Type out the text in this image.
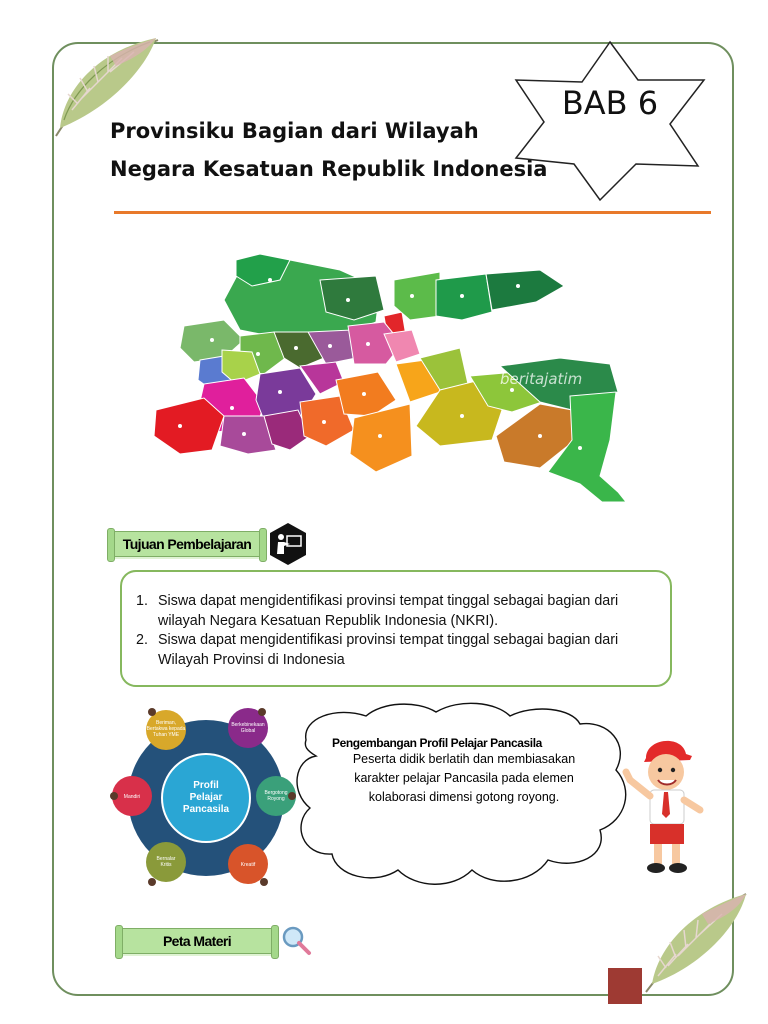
Provinsiku Bagian dari Wilayah
Negara Kesatuan Republik Indonesia
BAB 6
beritajatim
Tujuan Pembelajaran
1. Siswa dapat mengidentifikasi provinsi tempat tinggal sebagai bagian dari wilayah Negara Kesatuan Republik Indonesia (NKRI).
2. Siswa dapat mengidentifikasi provinsi tempat tinggal sebagai bagian dari Wilayah Provinsi di Indonesia
Profil
Pelajar
Pancasila
Beriman,
Bertakwa kepada
Tuhan YME
Berkebinekaan
Global
Bergotong
Royong
Kreatif
Bernalar
Kritis
Mandiri
Pengembangan Profil Pelajar Pancasila
Peserta didik berlatih dan membiasakan karakter pelajar Pancasila pada elemen kolaborasi dimensi gotong royong.
Peta Materi
